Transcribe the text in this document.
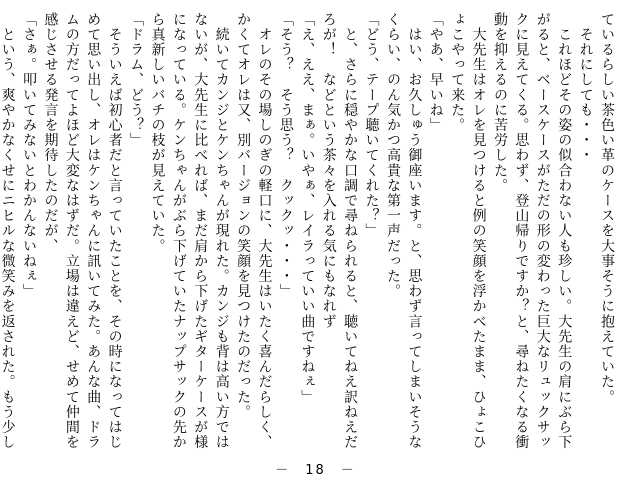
ているらしい茶色い革のケースを大事そうに抱えていた。
　それにしても・・・
　これほどその姿の似合わない人も珍しい。大先生の肩にぶら下
がると、ベースケースがただの形の変わった巨大なリュックサッ
クに見えてくる。思わず、登山帰りですか？と、尋ねたくなる衝
動を抑えるのに苦労した。
　大先生はオレを見つけると例の笑顔を浮かべたまま、ひょこひ
ょこやって来た。
「やあ、早いね」
　はい、お久しゅう御座います。と、思わず言ってしまいそうな
くらい、のん気かつ高貴な第一声だった。
「どう、テープ聴いてくれた？」
　と、さらに穏やかな口調で尋ねられると、聴いてねえ訳ねえだ
ろが！　などという茶々を入れる気にもなれず
「え、ええ、まぁ。いやぁ、レイラっていい曲ですねぇ」
「そう？　そう思う？　クックッ・・・」
　オレのその場しのぎの軽口に、大先生はいたく喜んだらしく、
かくてオレは又、別バージョンの笑顔を見つけたのだった。
　続いてカンジとケンちゃんが現れた。カンジも背は高い方では
ないが、大先生に比べれば、まだ肩から下げたギターケースが様
になっている。ケンちゃんがぶら下げていたナップサックの先か
ら真新しいバチの枝が見えていた。
「ドラム、どう？」
　そういえば初心者だと言っていたことを、その時になってはじ
めて思い出し、オレはケンちゃんに訊いてみた。あんな曲、ドラ
ムの方だってよほど大変なはずだ。立場は違えど、せめて仲間を
感じさせる発言を期待したのだが、
「さぁ。叩いてみないとわかんないねぇ」
　という、爽やかなくせにニヒルな微笑みを返された。もう少し
－　18　－
